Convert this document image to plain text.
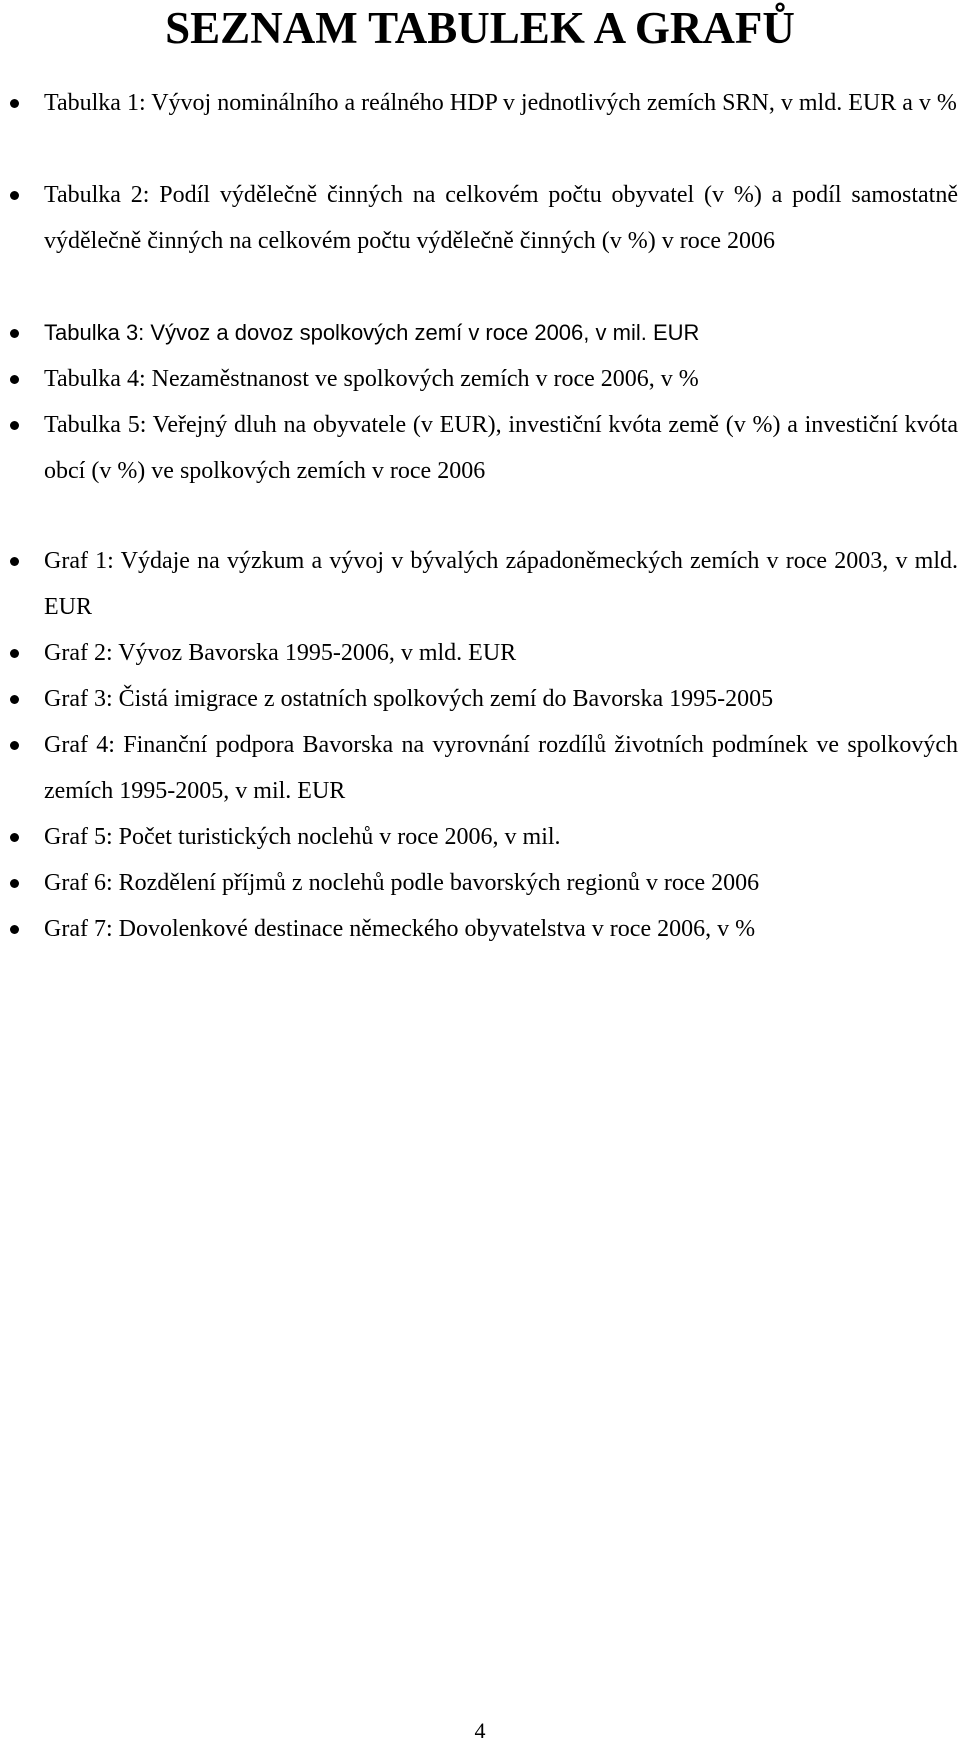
SEZNAM TABULEK A GRAFŮ
Tabulka 1: Vývoj nominálního a reálného HDP v jednotlivých zemích SRN, v mld. EUR a v %
Tabulka 2: Podíl výdělečně činných na celkovém počtu obyvatel (v %) a podíl samostatně výdělečně činných na celkovém počtu výdělečně činných (v %) v roce 2006
Tabulka 3: Vývoz a dovoz spolkových zemí v roce 2006, v mil. EUR
Tabulka 4: Nezaměstnanost ve spolkových zemích v roce 2006, v %
Tabulka 5: Veřejný dluh na obyvatele (v EUR), investiční kvóta země (v %) a investiční kvóta obcí (v %) ve spolkových zemích v roce 2006
Graf 1: Výdaje na výzkum a vývoj v bývalých západoněmeckých zemích v roce 2003, v mld. EUR
Graf 2: Vývoz Bavorska 1995-2006, v mld. EUR
Graf 3: Čistá imigrace z ostatních spolkových zemí do Bavorska 1995-2005
Graf 4: Finanční podpora Bavorska na vyrovnání rozdílů životních podmínek ve spolkových zemích 1995-2005, v mil. EUR
Graf 5: Počet turistických noclehů v roce 2006, v mil.
Graf 6: Rozdělení příjmů z noclehů podle bavorských regionů v roce 2006
Graf 7: Dovolenkové destinace německého obyvatelstva v roce 2006, v %
4
